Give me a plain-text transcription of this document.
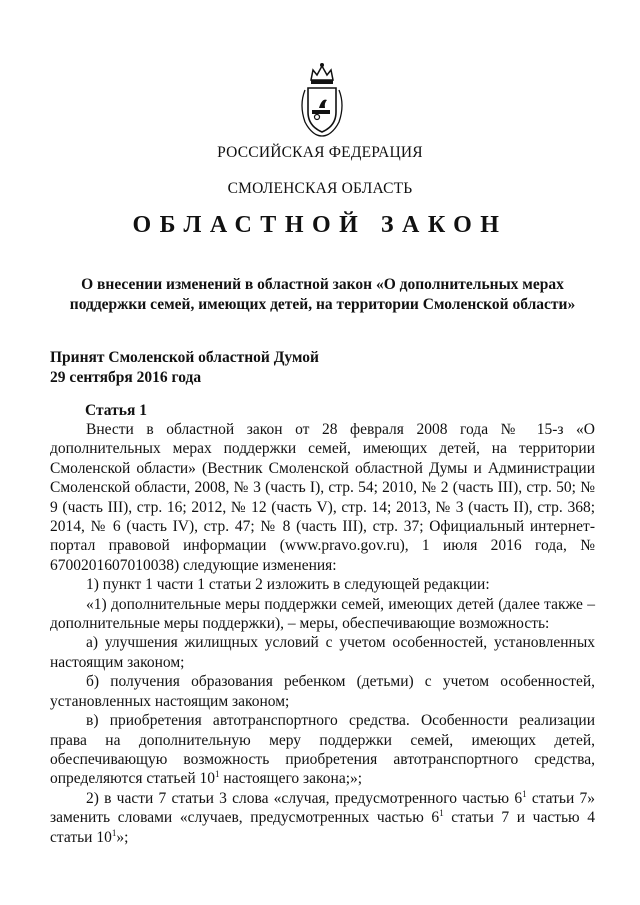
РОССИЙСКАЯ ФЕДЕРАЦИЯ
СМОЛЕНСКАЯ ОБЛАСТЬ
ОБЛАСТНОЙ ЗАКОН
О внесении изменений в областной закон «О дополнительных мерах
поддержки семей, имеющих детей, на территории Смоленской области»
Принят Смоленской областной Думой
29 сентября 2016 года
Статья 1

Внести в областной закон от 28 февраля 2008 года № 15-з «О дополнительных мерах поддержки семей, имеющих детей, на территории Смоленской области» (Вестник Смоленской областной Думы и Администрации Смоленской области, 2008, № 3 (часть I), стр. 54; 2010, № 2 (часть III), стр. 50; № 9 (часть III), стр. 16; 2012, № 12 (часть V), стр. 14; 2013, № 3 (часть II), стр. 368; 2014, № 6 (часть IV), стр. 47; № 8 (часть III), стр. 37; Официальный интернет-портал правовой информации (www.pravo.gov.ru), 1 июля 2016 года, № 6700201607010038) следующие изменения:

1) пункт 1 части 1 статьи 2 изложить в следующей редакции:

«1) дополнительные меры поддержки семей, имеющих детей (далее также – дополнительные меры поддержки), – меры, обеспечивающие возможность:

а) улучшения жилищных условий с учетом особенностей, установленных настоящим законом;

б) получения образования ребенком (детьми) с учетом особенностей, установленных настоящим законом;

в) приобретения автотранспортного средства. Особенности реализации права на дополнительную меру поддержки семей, имеющих детей, обеспечивающую возможность приобретения автотранспортного средства, определяются статьей $10^1$ настоящего закона;»;

2) в части 7 статьи 3 слова «случая, предусмотренного частью $6^1$ статьи 7» заменить словами «случаев, предусмотренных частью $6^1$ статьи 7 и частью 4 статьи $10^1$»;
